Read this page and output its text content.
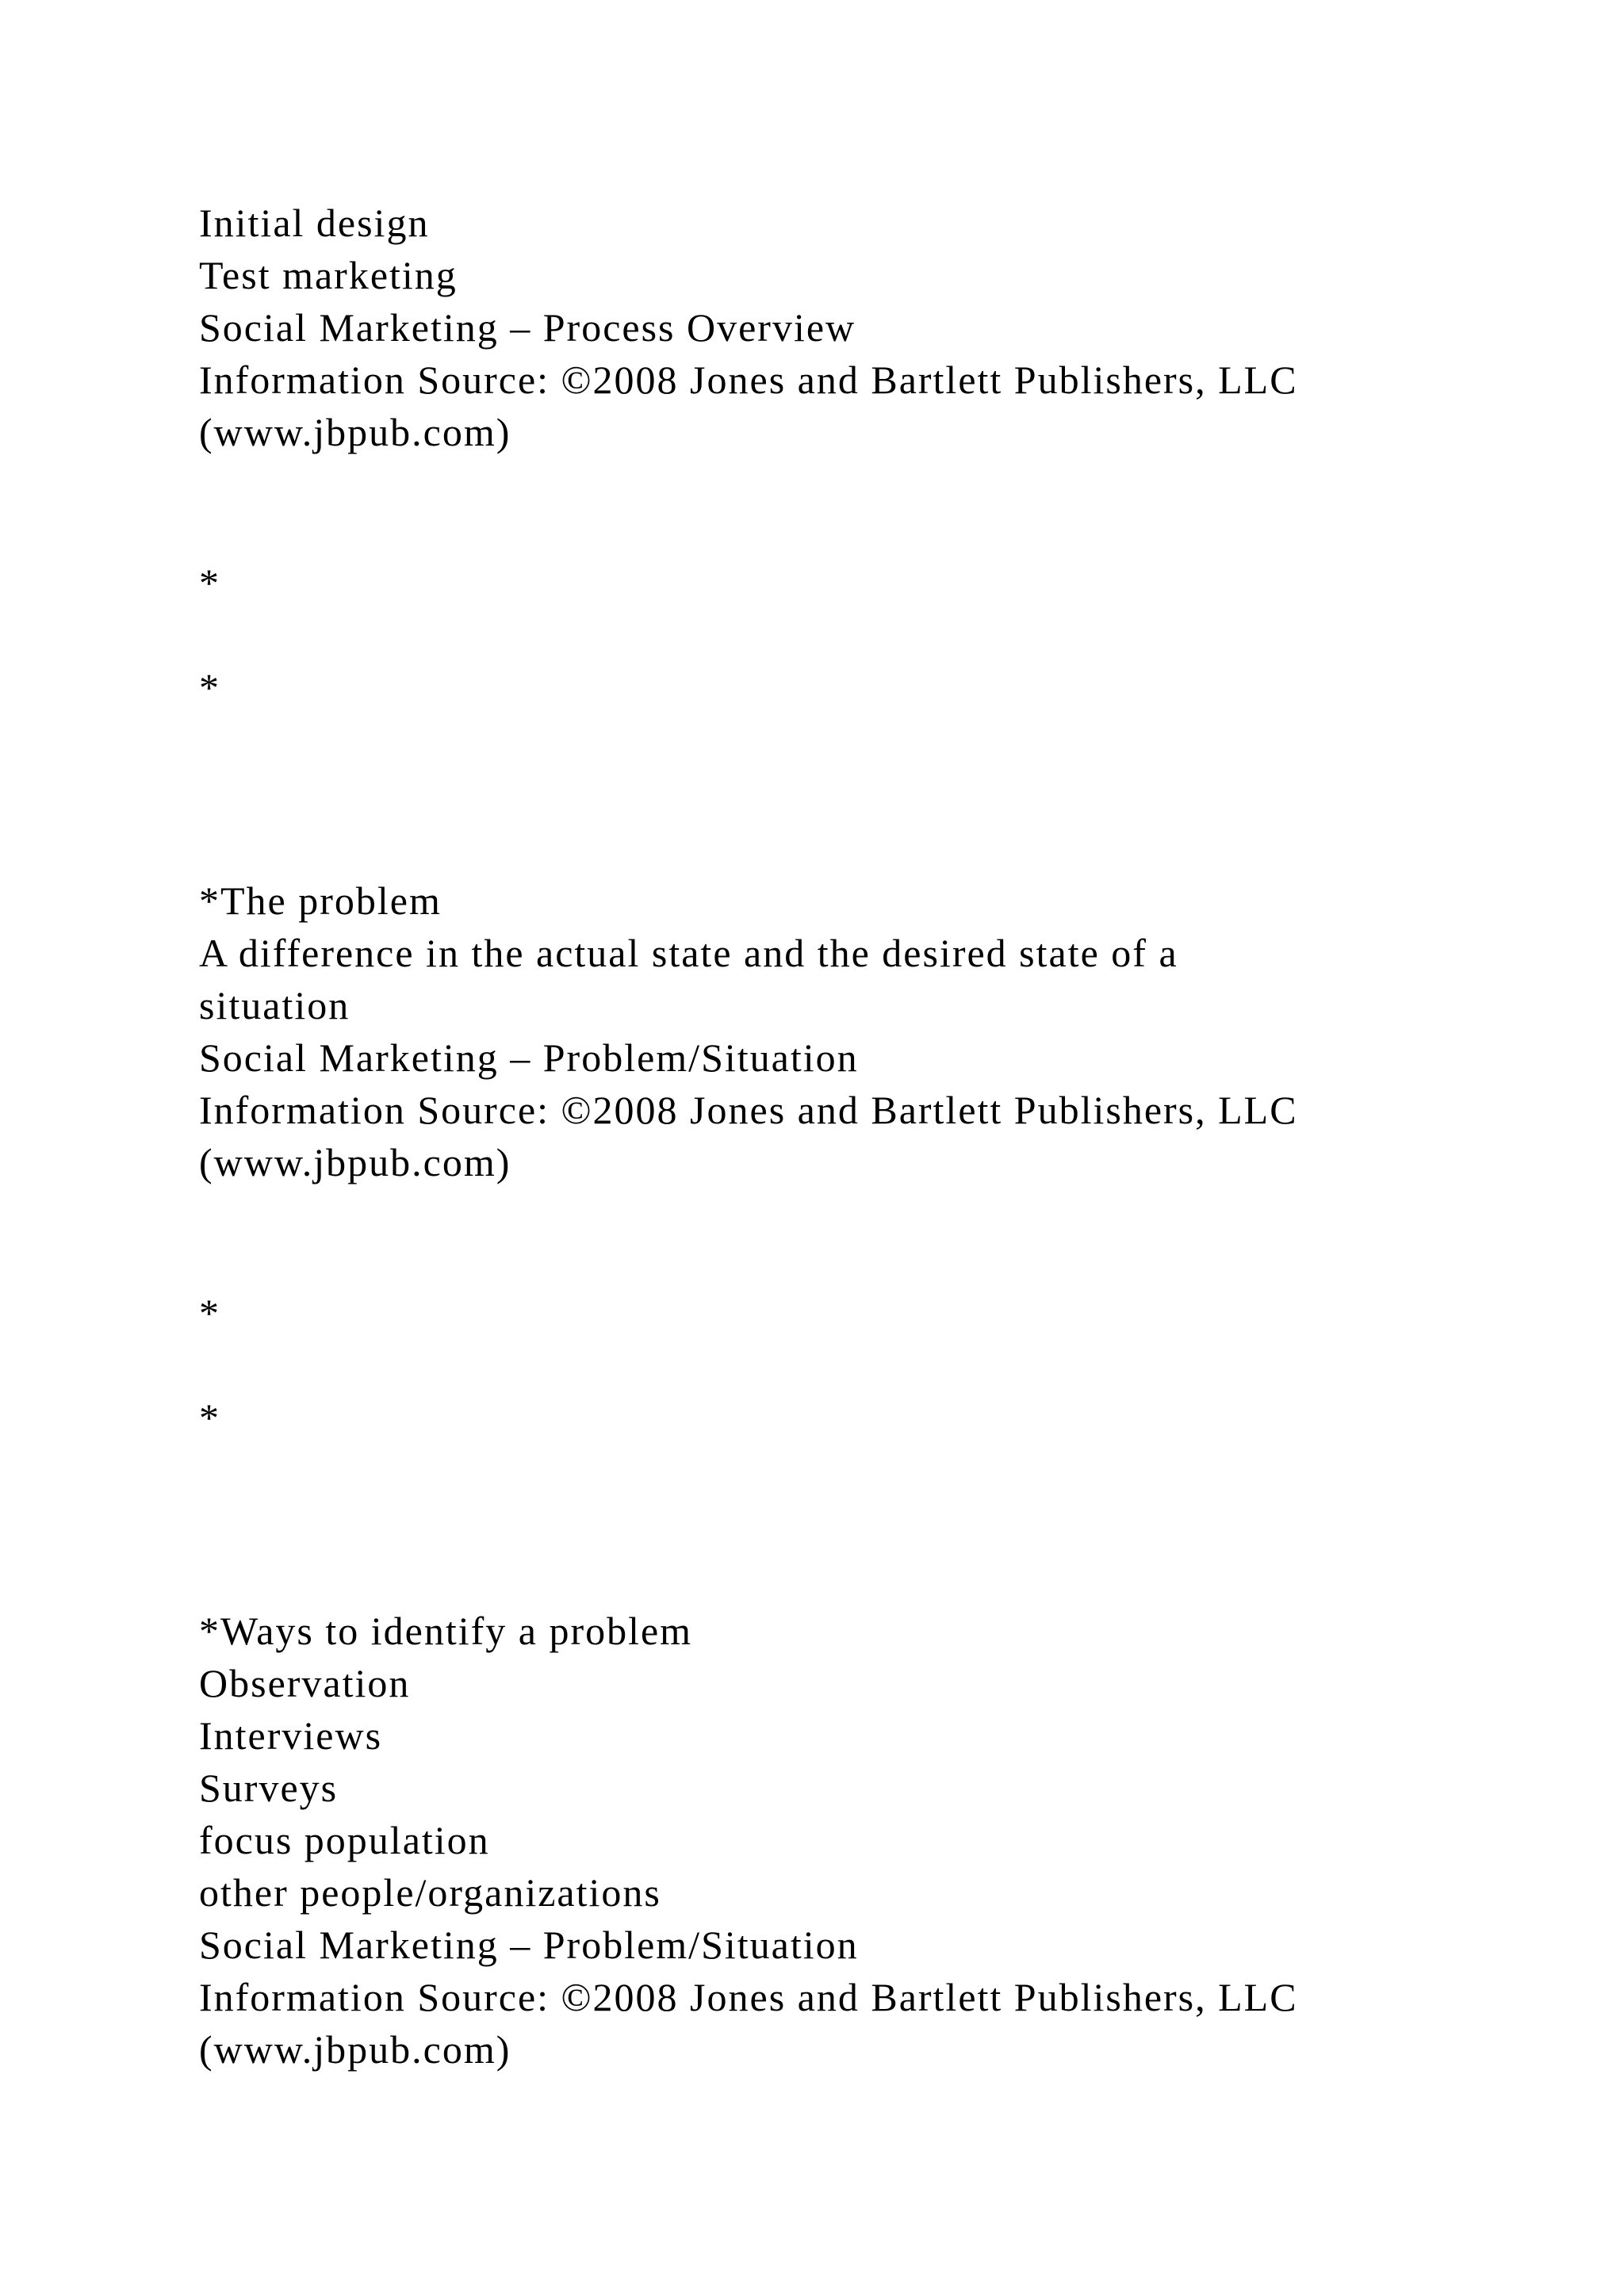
Initial design
Test marketing
Social Marketing – Process Overview
Information Source: ©2008 Jones and Bartlett Publishers, LLC
(www.jbpub.com)
*
*
*The problem
A difference in the actual state and the desired state of a
situation
Social Marketing – Problem/Situation
Information Source: ©2008 Jones and Bartlett Publishers, LLC
(www.jbpub.com)
*
*
*Ways to identify a problem
Observation
Interviews
Surveys
focus population
other people/organizations
Social Marketing – Problem/Situation
Information Source: ©2008 Jones and Bartlett Publishers, LLC
(www.jbpub.com)
